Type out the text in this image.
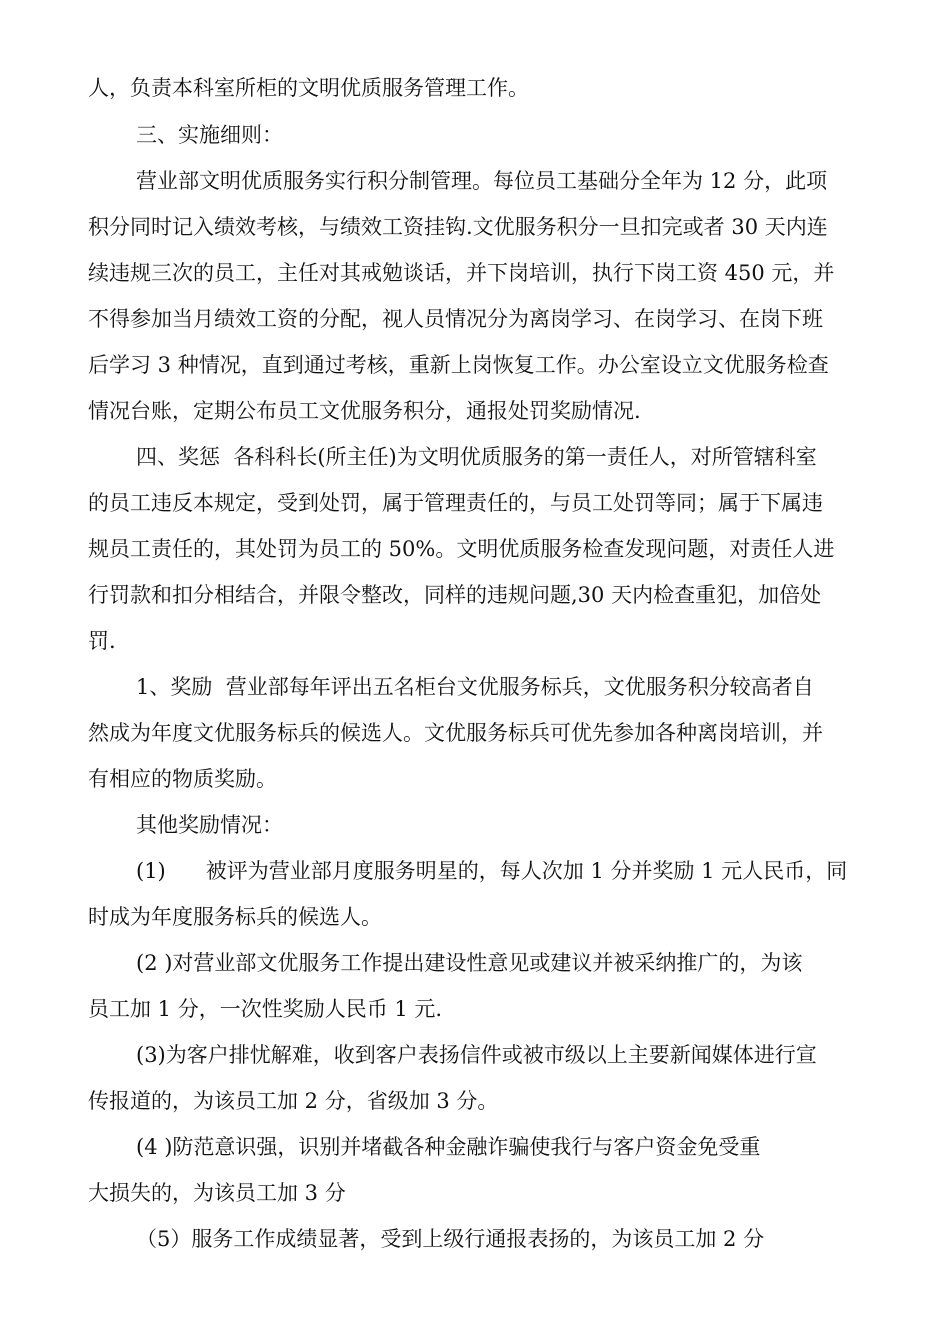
人，负责本科室所柜的文明优质服务管理工作。
三、实施细则：
营业部文明优质服务实行积分制管理。每位员工基础分全年为 12 分，此项
积分同时记入绩效考核，与绩效工资挂钩.文优服务积分一旦扣完或者 30 天内连
续违规三次的员工，主任对其戒勉谈话，并下岗培训，执行下岗工资 450 元，并
不得参加当月绩效工资的分配，视人员情况分为离岗学习、在岗学习、在岗下班
后学习 3 种情况，直到通过考核，重新上岗恢复工作。办公室设立文优服务检查
情况台账，定期公布员工文优服务积分，通报处罚奖励情况.
四、奖惩  各科科长(所主任)为文明优质服务的第一责任人，对所管辖科室
的员工违反本规定，受到处罚，属于管理责任的，与员工处罚等同；属于下属违
规员工责任的，其处罚为员工的 50%。文明优质服务检查发现问题，对责任人进
行罚款和扣分相结合，并限令整改，同样的违规问题,30 天内检查重犯，加倍处
罚.
1、奖励  营业部每年评出五名柜台文优服务标兵，文优服务积分较高者自
然成为年度文优服务标兵的候选人。文优服务标兵可优先参加各种离岗培训，并
有相应的物质奖励。
其他奖励情况：
(1)      被评为营业部月度服务明星的，每人次加 1 分并奖励 1 元人民币，同
时成为年度服务标兵的候选人。
(2 )对营业部文优服务工作提出建设性意见或建议并被采纳推广的，为该
员工加 1 分，一次性奖励人民币 1 元.
(3)为客户排忧解难，收到客户表扬信件或被市级以上主要新闻媒体进行宣
传报道的，为该员工加 2 分，省级加 3 分。
(4 )防范意识强，识别并堵截各种金融诈骗使我行与客户资金免受重
大损失的，为该员工加 3 分
（5）服务工作成绩显著，受到上级行通报表扬的，为该员工加 2 分
